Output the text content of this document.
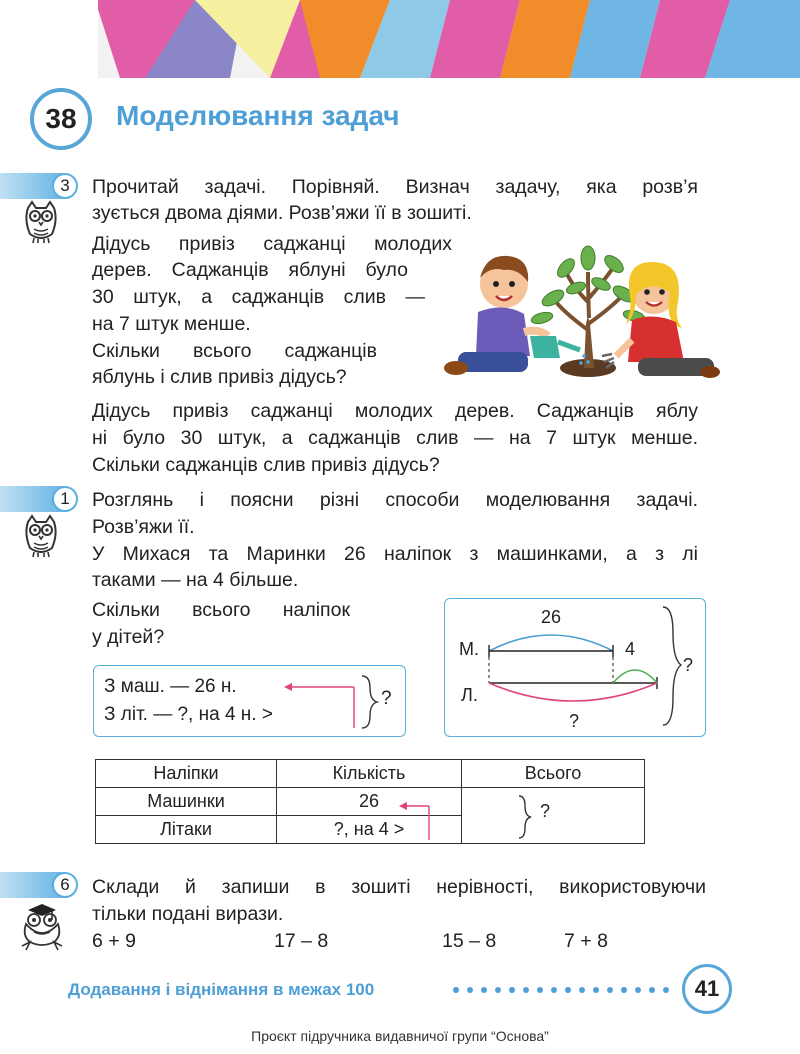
38	Моделювання задач
3	Прочитай задачі. Порівняй. Визнач задачу, яка розв’я
зується двома діями. Розв’яжи її в зошиті.
Дідусь привіз саджанці молодих
дерев. Саджанців яблуні було
30 штук, а саджанців слив —
на 7 штук менше.
Скільки всього саджанців
яблунь і слив привіз дідусь?
Дідусь привіз саджанці молодих дерев. Саджанців яблу
ні було 30 штук, а саджанців слив — на 7 штук менше.
Скільки саджанців слив привіз дідусь?
1	Розглянь і поясни різні способи моделювання задачі.
Розв’яжи її.
У Михася та Маринки 26 наліпок з машинками, а з лі
таками — на 4 більше.
Скільки всього наліпок
у дітей?
З маш. — 26 н.
З літ. — ?, на 4 н. >
?
26
М.	4
Л.
?
?
Наліпки	Кількість	Всього
Машинки	26	?

Літаки	?, на 4 >	
6	Склади й запиши в зошиті нерівності, використовуючи
тільки подані вирази.
6 + 9	17 – 8	15 – 8	7 + 8
Додавання і віднімання в межах 100	41
Проєкт підручника видавничої групи “Основа”
